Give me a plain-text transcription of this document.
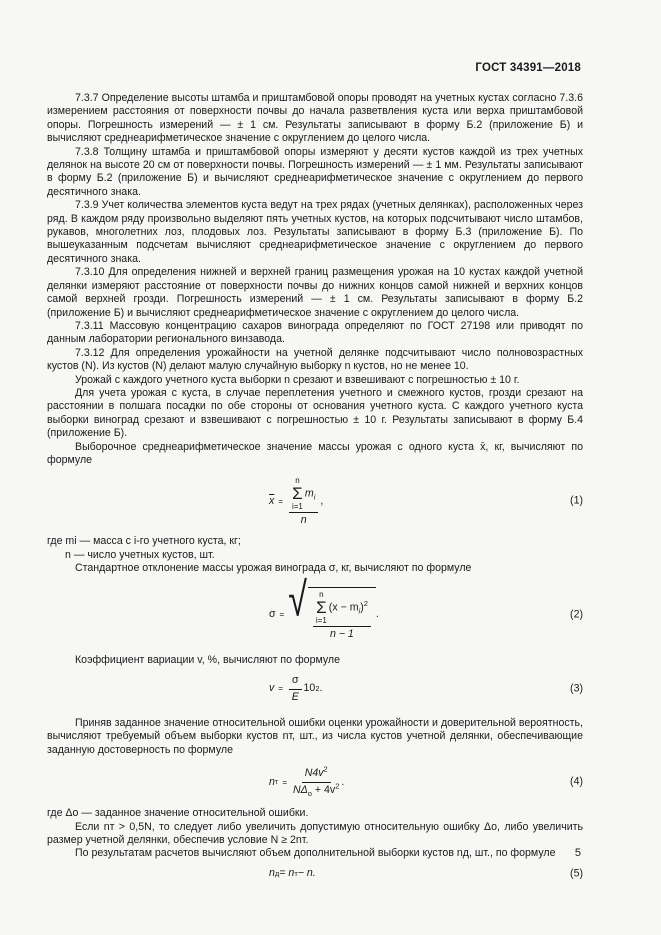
ГОСТ 34391—2018

7.3.7 Определение высоты штамба и приштамбовой опоры проводят на учетных кустах согласно 7.3.6 измерением расстояния от поверхности почвы до начала разветвления куста или верха приштамбовой опоры. Погрешность измерений — ± 1 см. Результаты записывают в форму Б.2 (приложение Б) и вычисляют среднеарифметическое значение с округлением до целого числа.

7.3.8 Толщину штамба и приштамбовой опоры измеряют у десяти кустов каждой из трех учетных делянок на высоте 20 см от поверхности почвы. Погрешность измерений — ± 1 мм. Результаты записывают в форму Б.2 (приложение Б) и вычисляют среднеарифметическое значение с округлением до первого десятичного знака.

7.3.9 Учет количества элементов куста ведут на трех рядах (учетных делянках), расположенных через ряд. В каждом ряду произвольно выделяют пять учетных кустов, на которых подсчитывают число штамбов, рукавов, многолетних лоз, плодовых лоз. Результаты записывают в форму Б.3 (приложение Б). По вышеуказанным подсчетам вычисляют среднеарифметическое значение с округлением до первого десятичного знака.

7.3.10 Для определения нижней и верхней границ размещения урожая на 10 кустах каждой учетной делянки измеряют расстояние от поверхности почвы до нижних концов самой нижней и верхних концов самой верхней грозди. Погрешность измерений — ± 1 см. Результаты записывают в форму Б.2 (приложение Б) и вычисляют среднеарифметическое значение с округлением до целого числа.

7.3.11 Массовую концентрацию сахаров винограда определяют по ГОСТ 27198 или приводят по данным лаборатории регионального винзавода.

7.3.12 Для определения урожайности на учетной делянке подсчитывают число полновозрастных кустов (N). Из кустов (N) делают малую случайную выборку n кустов, но не менее 10.

Урожай с каждого учетного куста выборки n срезают и взвешивают с погрешностью ± 10 г.

Для учета урожая с куста, в случае переплетения учетного и смежного кустов, грозди срезают на расстоянии в полшага посадки по обе стороны от основания учетного куста. С каждого учетного куста выборки виноград срезают и взвешивают с погрешностью ± 10 г. Результаты записывают в форму Б.4 (приложение Б).

Выборочное среднеарифметическое значение массы урожая с одного куста x̄, кг, вычисляют по формуле

$\overline{x} = n$
Σ
i=1
$m_i$
n ,	(1)

где mi — масса с i-го учетного куста, кг;

n — число учетных кустов, шт.

Стандартное отклонение массы урожая винограда σ, кг, вычисляют по формуле

σ = √ n
Σ
i=1
$(x - m_i)^2$
n − 1
.	(2)

Коэффициент вариации v, %, вычисляют по формуле

$v = \frac{\sigma}{E} 10$ 2 .	(3)

Приняв заданное значение относительной ошибки оценки урожайности и доверительной вероятность, вычисляют требуемый объем выборки кустов nт, шт., из числа кустов учетной делянки, обеспечивающие заданную достоверность по формуле

n $т = \frac{N4v^2}{N\Delta_o + 4v^2}$ .	(4)

где Δo — заданное значение относительной ошибки.

Если nт > 0,5N, то следует либо увеличить допустимую относительную ошибку Δo, либо увеличить размер учетной делянки, обеспечив условие N ≥ 2nт.

По результатам расчетов вычисляют объем дополнительной выборки кустов nд, шт., по формуле

n д = n т − n.	(5)
5
